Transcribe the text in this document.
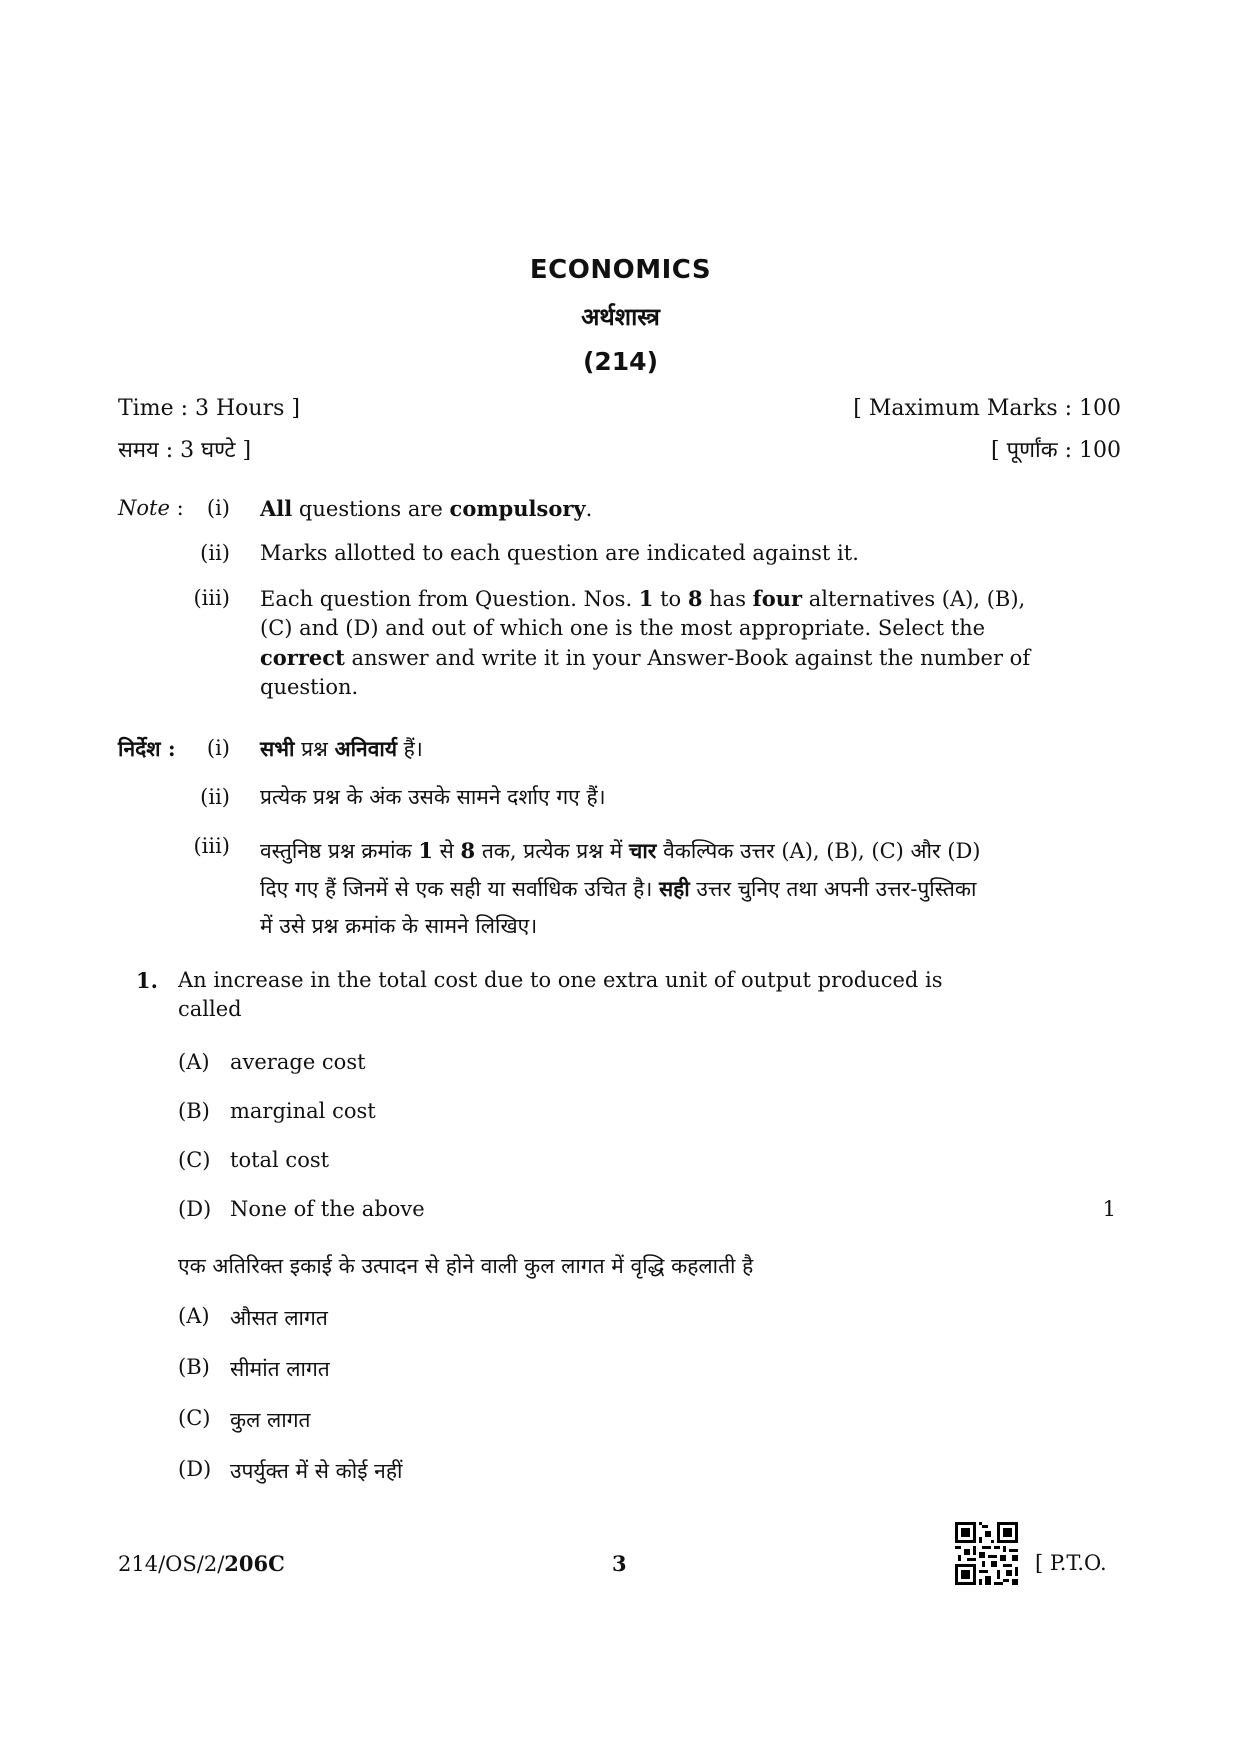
ECONOMICS
अर्थशास्त्र
(214)
Time : 3 Hours ]	[ Maximum Marks : 100
समय : 3 घण्टे ]	[ पूर्णांक : 100
Note :	(i) All questions are compulsory.
(ii) Marks allotted to each question are indicated against it.
(iii) Each question from Question. Nos. 1 to 8 has four alternatives (A), (B),
(C) and (D) and out of which one is the most appropriate. Select the
correct answer and write it in your Answer-Book against the number of
question.
निर्देश :	(i) सभी प्रश्न अनिवार्य हैं।
(ii) प्रत्येक प्रश्न के अंक उसके सामने दर्शाए गए हैं।
(iii) वस्तुनिष्ठ प्रश्न क्रमांक 1 से 8 तक, प्रत्येक प्रश्न में चार वैकल्पिक उत्तर (A), (B), (C) और (D)
दिए गए हैं जिनमें से एक सही या सर्वाधिक उचित है। सही उत्तर चुनिए तथा अपनी उत्तर-पुस्तिका
में उसे प्रश्न क्रमांक के सामने लिखिए।
1. An increase in the total cost due to one extra unit of output produced is
called
(A) average cost
(B) marginal cost
(C) total cost
(D) None of the above	1
एक अतिरिक्त इकाई के उत्पादन से होने वाली कुल लागत में वृद्धि कहलाती है
(A) औसत लागत
(B) सीमांत लागत
(C) कुल लागत
(D) उपर्युक्त में से कोई नहीं
214/OS/2/206C	3	[ P.T.O.
